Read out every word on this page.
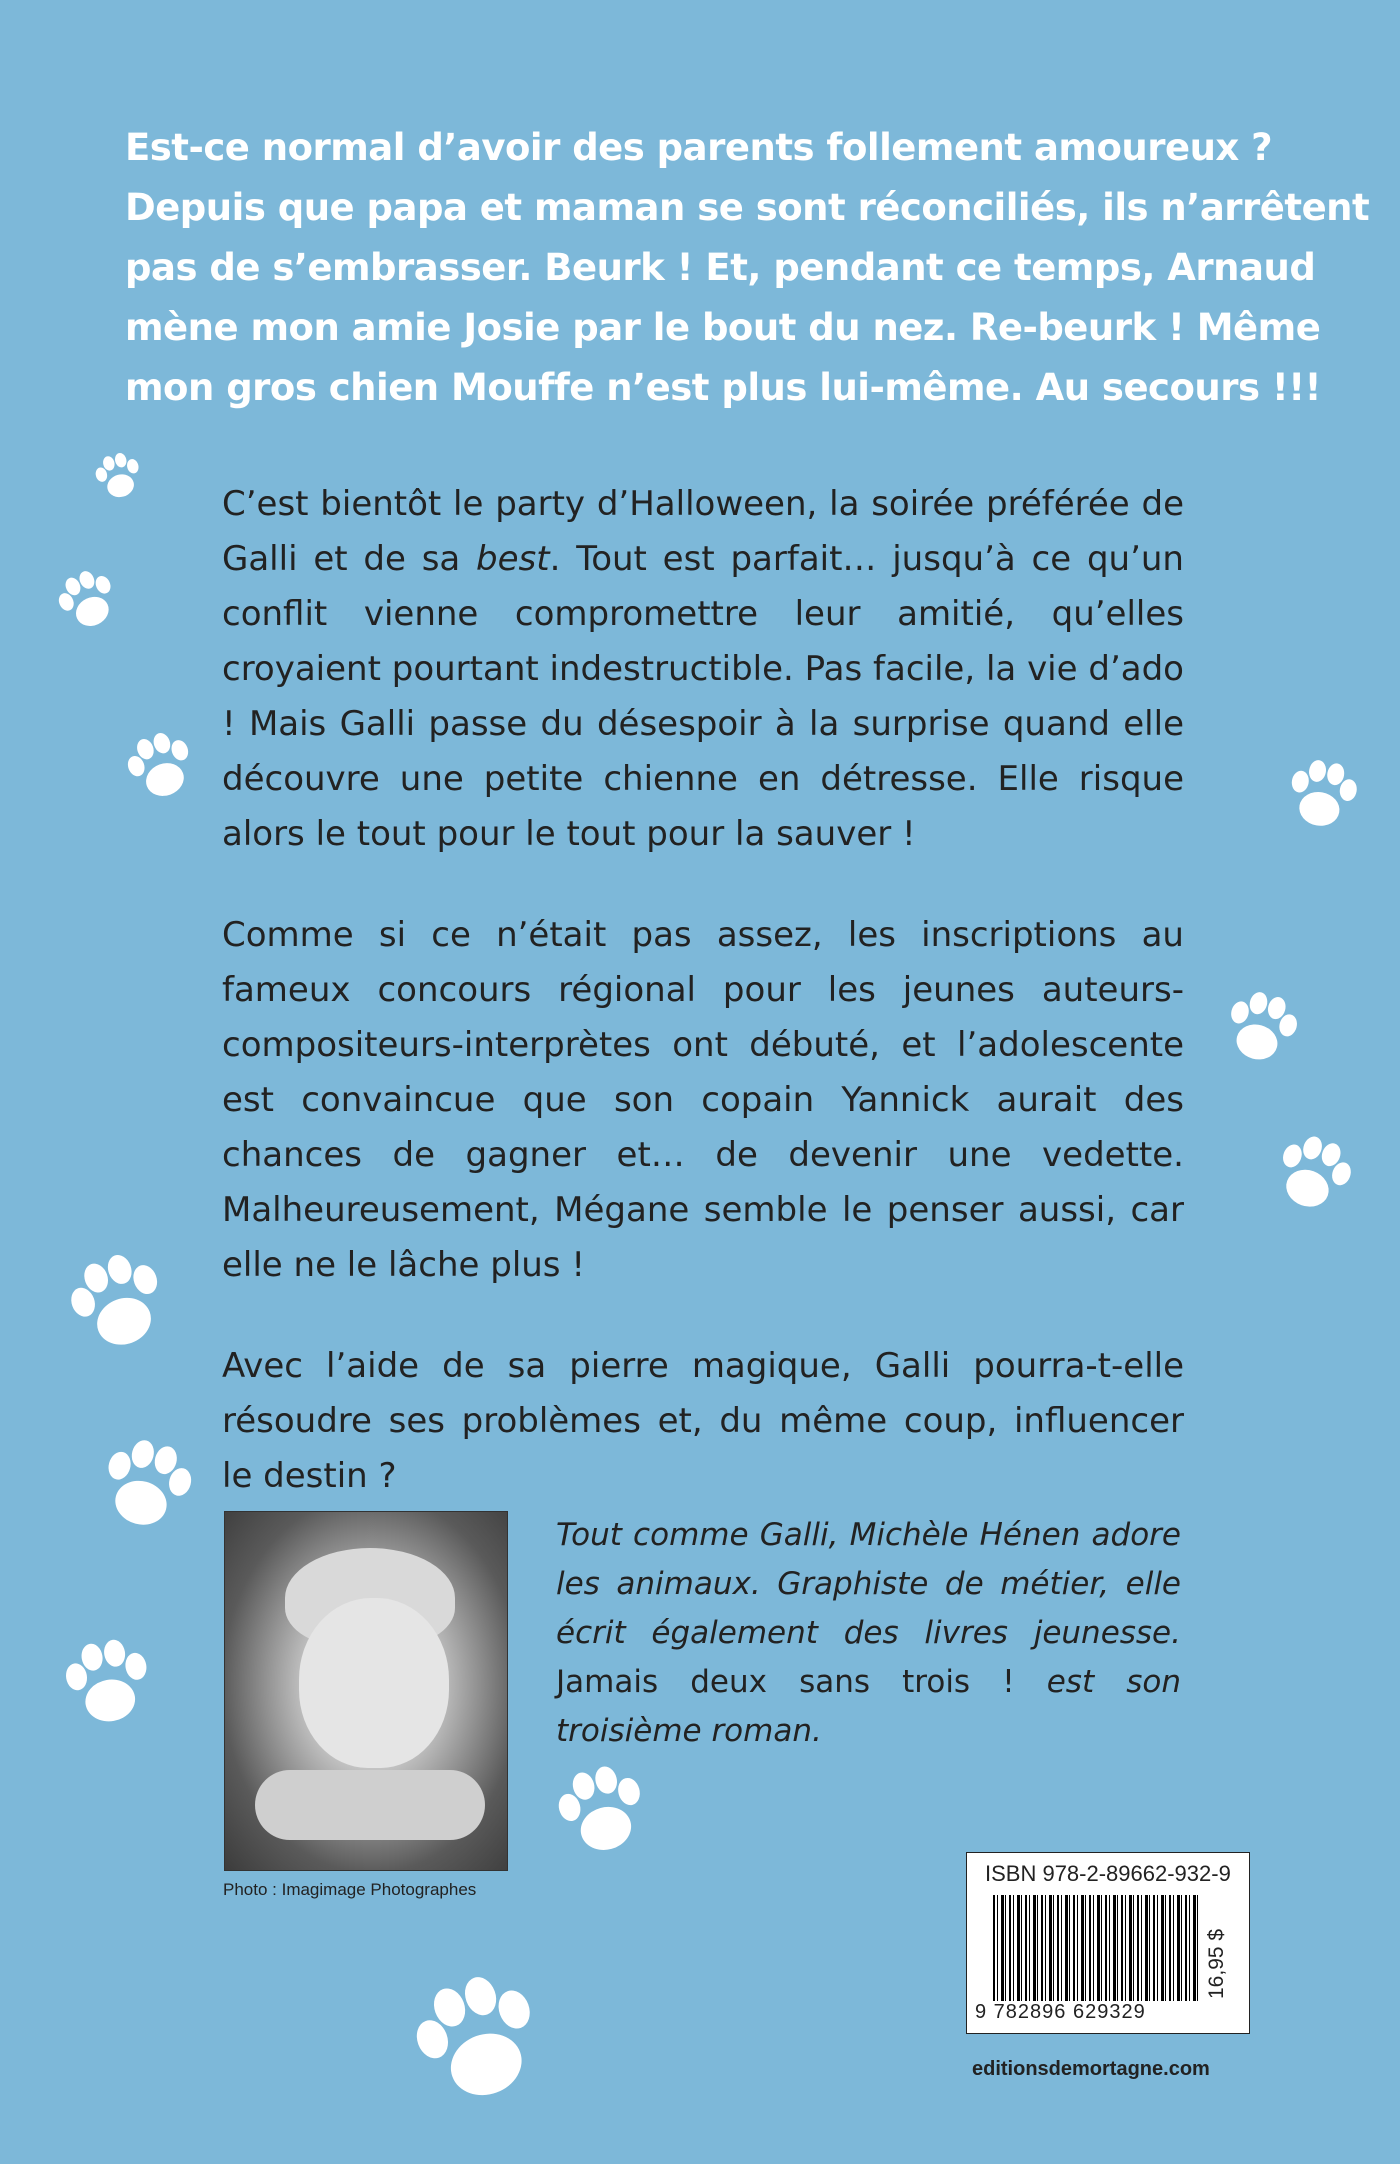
Est-ce normal d’avoir des parents follement amoureux ?
Depuis que papa et maman se sont réconciliés, ils n’arrêtent
pas de s’embrasser. Beurk ! Et, pendant ce temps, Arnaud
mène mon amie Josie par le bout du nez. Re-beurk ! Même
mon gros chien Mouffe n’est plus lui-même. Au secours !!!

C’est bientôt le party d’Halloween, la soirée préférée de Galli et de sa best. Tout est parfait… jusqu’à ce qu’un conflit vienne compromettre leur amitié, qu’elles croyaient pourtant indestructible. Pas facile, la vie d’ado ! Mais Galli passe du désespoir à la surprise quand elle découvre une petite chienne en détresse. Elle risque alors le tout pour le tout pour la sauver !

Comme si ce n’était pas assez, les inscriptions au fameux concours régional pour les jeunes auteurs-compositeurs-interprètes ont débuté, et l’adolescente est convaincue que son copain Yannick aurait des chances de gagner et… de devenir une vedette. Malheureusement, Mégane semble le penser aussi, car elle ne le lâche plus !

Avec l’aide de sa pierre magique, Galli pourra-t-elle résoudre ses problèmes et, du même coup, influencer le destin ?

Photo : Imagimage Photographes
Tout comme Galli, Michèle Hénen adore les animaux. Graphiste de métier, elle écrit également des livres jeunesse. Jamais deux sans trois ! est son troisième roman.
ISBN 978-2-89662-932-9
9 782896 629329
16,95 $
editionsdemortagne.com
